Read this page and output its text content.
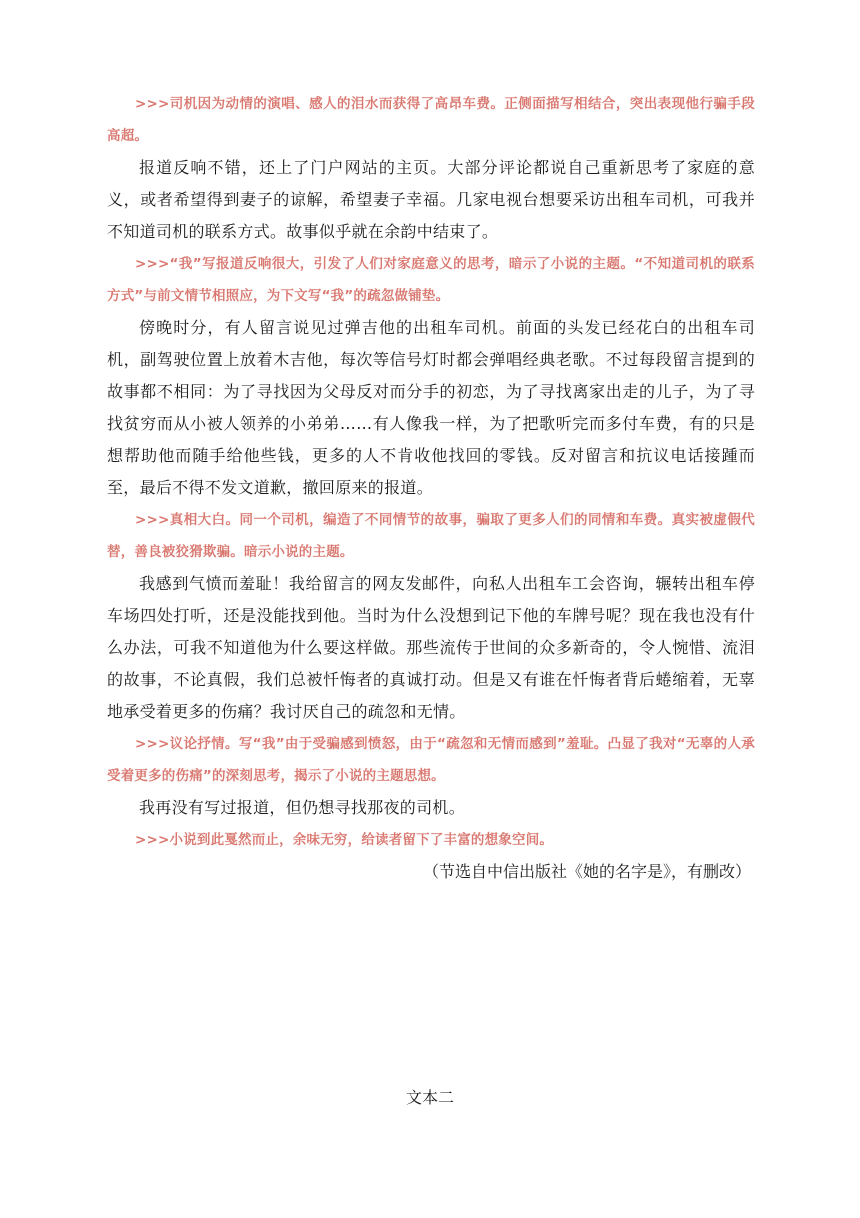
>>>司机因为动情的演唱、感人的泪水而获得了高昂车费。正侧面描写相结合，突出表现他行骗手段高超。

报道反响不错，还上了门户网站的主页。大部分评论都说自己重新思考了家庭的意义，或者希望得到妻子的谅解，希望妻子幸福。几家电视台想要采访出租车司机，可我并不知道司机的联系方式。故事似乎就在余韵中结束了。

>>>“我”写报道反响很大，引发了人们对家庭意义的思考，暗示了小说的主题。“不知道司机的联系方式”与前文情节相照应，为下文写“我”的疏忽做铺垫。

傍晚时分，有人留言说见过弹吉他的出租车司机。前面的头发已经花白的出租车司机，副驾驶位置上放着木吉他，每次等信号灯时都会弹唱经典老歌。不过每段留言提到的故事都不相同：为了寻找因为父母反对而分手的初恋，为了寻找离家出走的儿子，为了寻找贫穷而从小被人领养的小弟弟……有人像我一样，为了把歌听完而多付车费，有的只是想帮助他而随手给他些钱，更多的人不肯收他找回的零钱。反对留言和抗议电话接踵而至，最后不得不发文道歉，撤回原来的报道。

>>>真相大白。同一个司机，编造了不同情节的故事，骗取了更多人们的同情和车费。真实被虚假代替，善良被狡猾欺骗。暗示小说的主题。

我感到气愤而羞耻！我给留言的网友发邮件，向私人出租车工会咨询，辗转出租车停车场四处打听，还是没能找到他。当时为什么没想到记下他的车牌号呢？现在我也没有什么办法，可我不知道他为什么要这样做。那些流传于世间的众多新奇的，令人惋惜、流泪的故事，不论真假，我们总被忏悔者的真诚打动。但是又有谁在忏悔者背后蜷缩着，无辜地承受着更多的伤痛？我讨厌自己的疏忽和无情。

>>>议论抒情。写“我”由于受骗感到愤怒，由于“疏忽和无情而感到”羞耻。凸显了我对“无辜的人承受着更多的伤痛”的深刻思考，揭示了小说的主题思想。

我再没有写过报道，但仍想寻找那夜的司机。

>>>小说到此戛然而止，余味无穷，给读者留下了丰富的想象空间。

（节选自中信出版社《她的名字是》，有删改）

文本二
